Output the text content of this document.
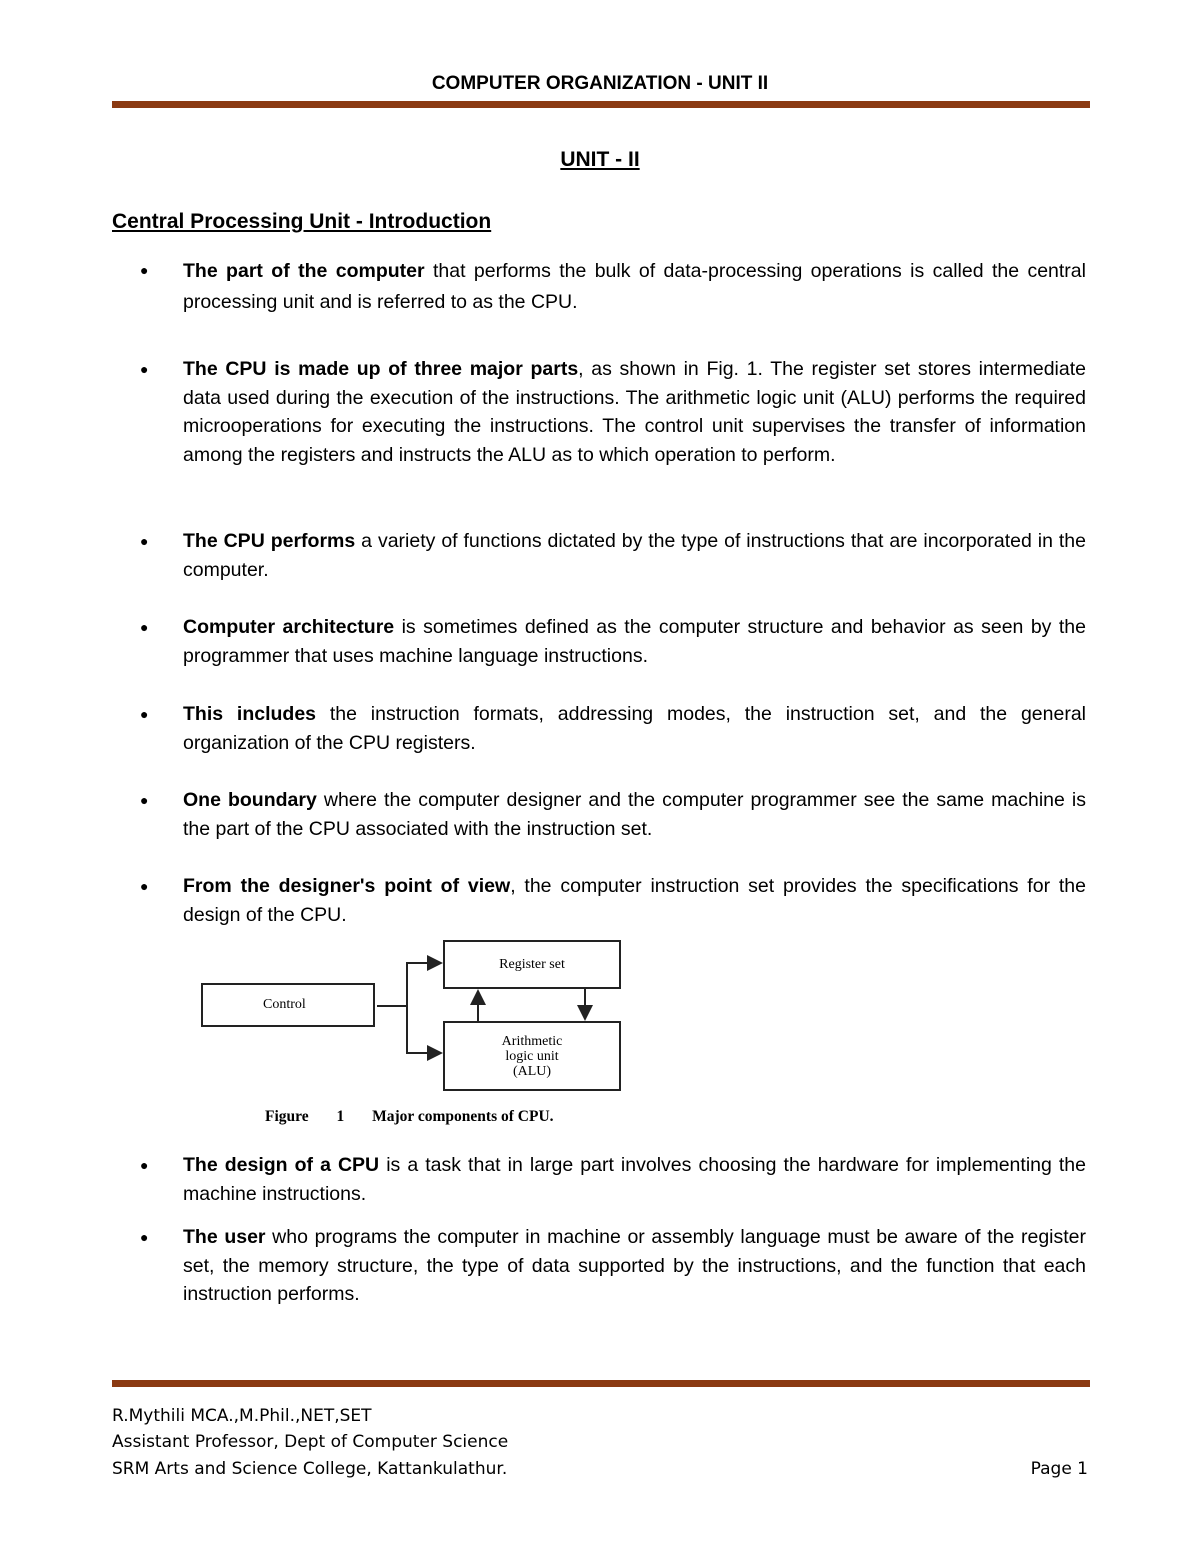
COMPUTER ORGANIZATION - UNIT II
UNIT - II
Central Processing Unit - Introduction
●	The part of the computer that performs the bulk of data-processing operations is called the central processing unit and is referred to as the CPU.
●	The CPU is made up of three major parts, as shown in Fig. 1. The register set stores intermediate data used during the execution of the instructions. The arithmetic logic unit (ALU) performs the required microoperations for executing the instructions. The control unit supervises the transfer of information among the registers and instructs the ALU as to which operation to perform.
●	The CPU performs a variety of functions dictated by the type of instructions that are incorporated in the computer.
●	Computer architecture is sometimes defined as the computer structure and behavior as seen by the programmer that uses machine language instructions.
●	This includes the instruction formats, addressing modes, the instruction set, and the general organization of the CPU registers.
●	One boundary where the computer designer and the computer programmer see the same machine is the part of the CPU associated with the instruction set.
●	From the designer's point of view, the computer instruction set provides the specifications for the design of the CPU.
Register set
Control
Arithmetic
logic unit
(ALU)
Figure 1 Major components of CPU.
●	The design of a CPU is a task that in large part involves choosing the hardware for implementing the machine instructions.
●	The user who programs the computer in machine or assembly language must be aware of the register set, the memory structure, the type of data supported by the instructions, and the function that each instruction performs.
R.Mythili MCA.,M.Phil.,NET,SET
Assistant Professor, Dept of Computer Science
SRM Arts and Science College, Kattankulathur.	Page 1
